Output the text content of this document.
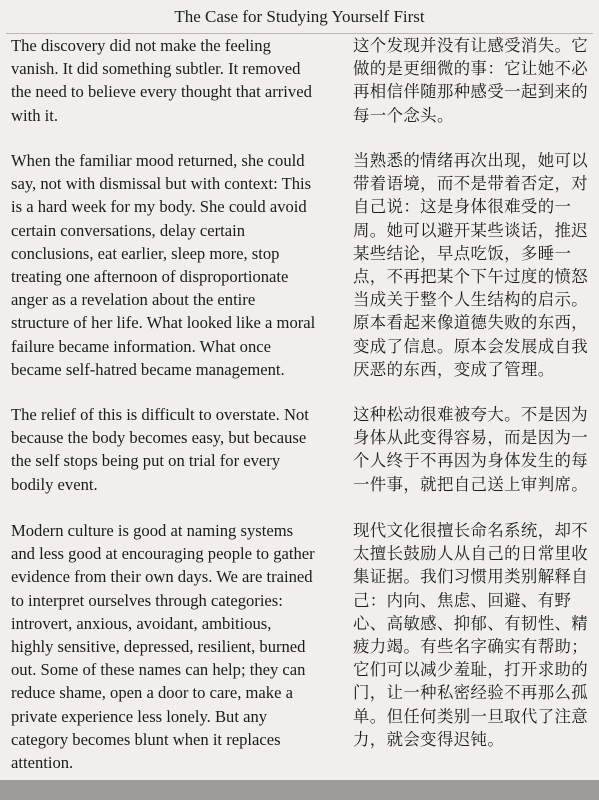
The Case for Studying Yourself First
The discovery did not make the feeling
vanish. It did something subtler. It removed
the need to believe every thought that arrived
with it.
这个发现并没有让感受消失。它
做的是更细微的事：它让她不必
再相信伴随那种感受一起到来的
每一个念头。
When the familiar mood returned, she could
say, not with dismissal but with context: This
is a hard week for my body. She could avoid
certain conversations, delay certain
conclusions, eat earlier, sleep more, stop
treating one afternoon of disproportionate
anger as a revelation about the entire
structure of her life. What looked like a moral
failure became information. What once
became self-hatred became management.
当熟悉的情绪再次出现，她可以
带着语境，而不是带着否定，对
自己说：这是身体很难受的一
周。她可以避开某些谈话，推迟
某些结论，早点吃饭，多睡一
点，不再把某个下午过度的愤怒
当成关于整个人生结构的启示。
原本看起来像道德失败的东西，
变成了信息。原本会发展成自我
厌恶的东西，变成了管理。
The relief of this is difficult to overstate. Not
because the body becomes easy, but because
the self stops being put on trial for every
bodily event.
这种松动很难被夸大。不是因为
身体从此变得容易，而是因为一
个人终于不再因为身体发生的每
一件事，就把自己送上审判席。
Modern culture is good at naming systems
and less good at encouraging people to gather
evidence from their own days. We are trained
to interpret ourselves through categories:
introvert, anxious, avoidant, ambitious,
highly sensitive, depressed, resilient, burned
out. Some of these names can help; they can
reduce shame, open a door to care, make a
private experience less lonely. But any
category becomes blunt when it replaces
attention.
现代文化很擅长命名系统，却不
太擅长鼓励人从自己的日常里收
集证据。我们习惯用类别解释自
己：内向、焦虑、回避、有野
心、高敏感、抑郁、有韧性、精
疲力竭。有些名字确实有帮助；
它们可以减少羞耻，打开求助的
门，让一种私密经验不再那么孤
单。但任何类别一旦取代了注意
力，就会变得迟钝。
